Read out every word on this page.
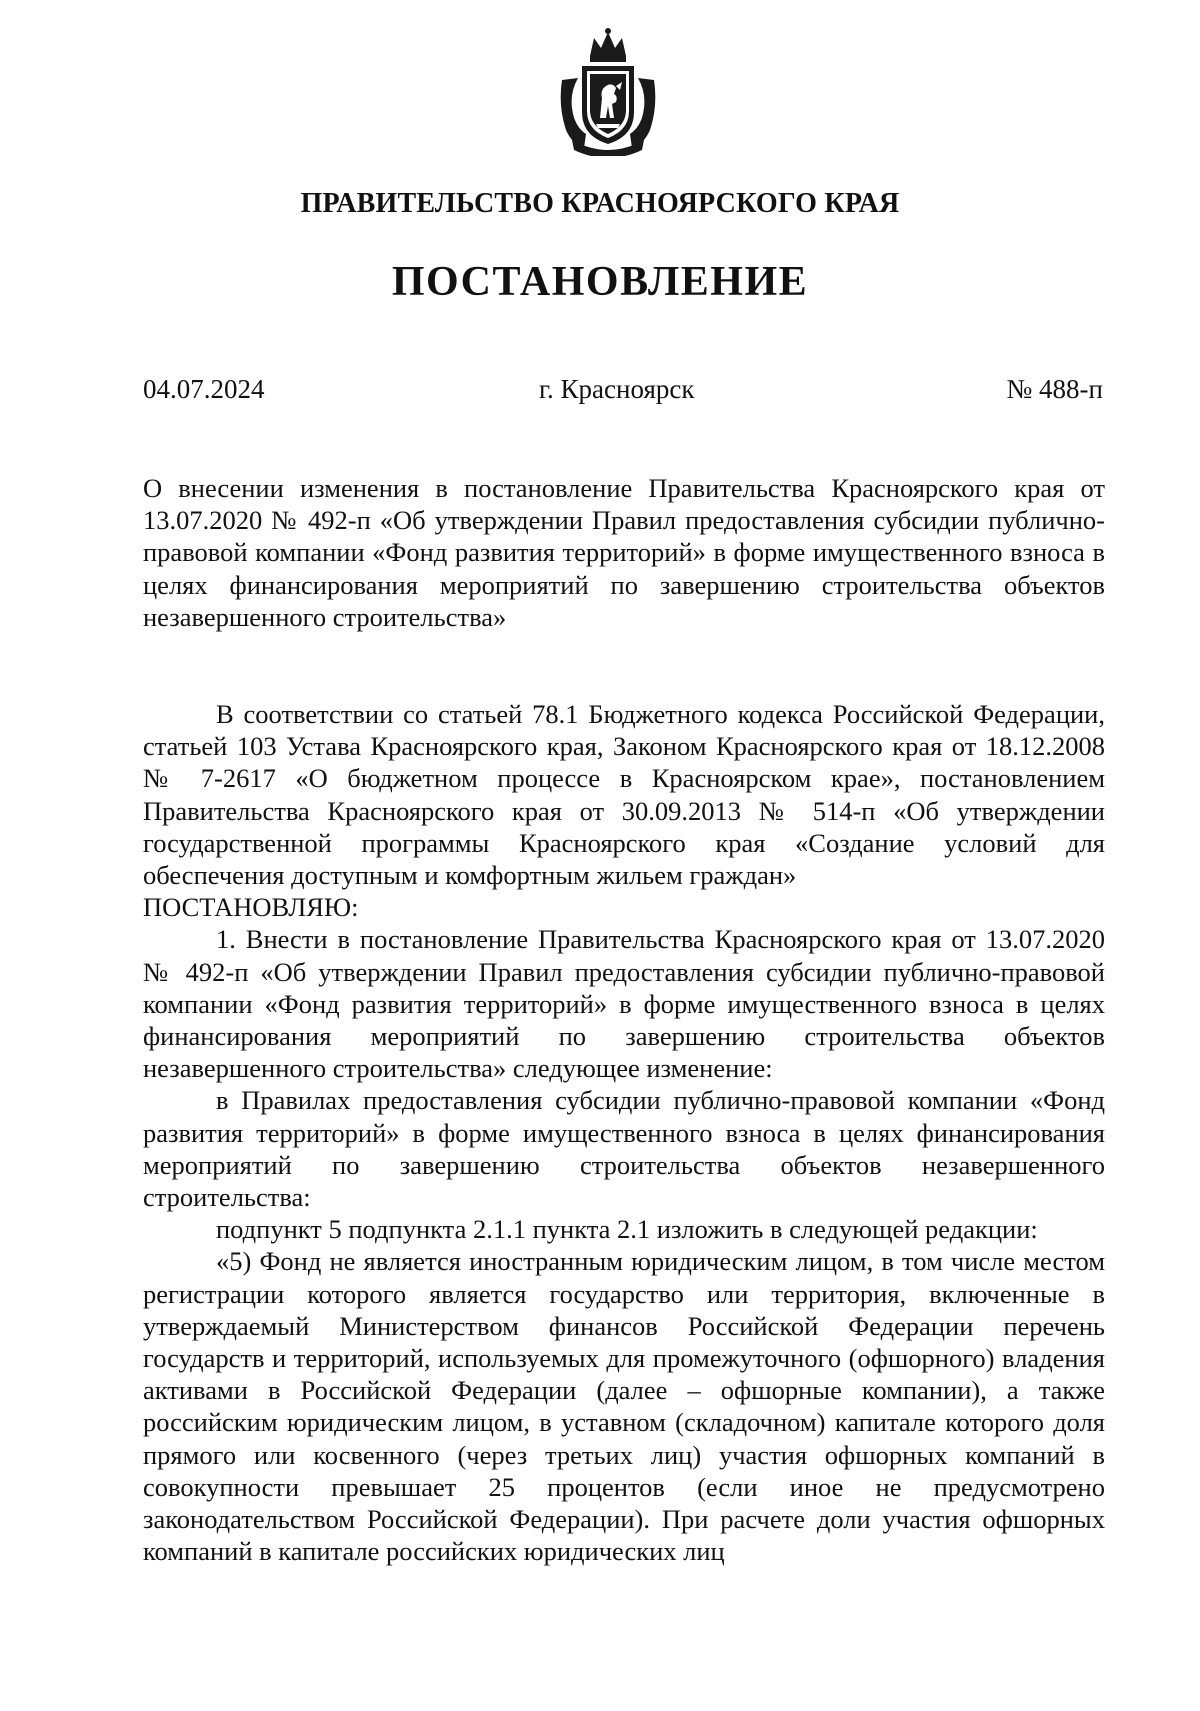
ПРАВИТЕЛЬСТВО КРАСНОЯРСКОГО КРАЯ
ПОСТАНОВЛЕНИЕ
04.07.2024	г. Красноярск	№ 488-п

О внесении изменения в постановление Правительства Красноярского края от 13.07.2020 № 492-п «Об утверждении Правил предоставления субсидии публично-правовой компании «Фонд развития территорий» в форме имущественного взноса в целях финансирования мероприятий по завершению строительства объектов незавершенного строительства»

В соответствии со статьей 78.1 Бюджетного кодекса Российской Федерации, статьей 103 Устава Красноярского края, Законом Красноярского края от 18.12.2008 № 7-2617 «О бюджетном процессе в Красноярском крае», постановлением Правительства Красноярского края от 30.09.2013 № 514-п «Об утверждении государственной программы Красноярского края «Создание условий для обеспечения доступным и комфортным жильем граждан»

ПОСТАНОВЛЯЮ:

1. Внести в постановление Правительства Красноярского края от 13.07.2020 № 492-п «Об утверждении Правил предоставления субсидии публично-правовой компании «Фонд развития территорий» в форме имущественного взноса в целях финансирования мероприятий по завершению строительства объектов незавершенного строительства» следующее изменение:

в Правилах предоставления субсидии публично-правовой компании «Фонд развития территорий» в форме имущественного взноса в целях финансирования мероприятий по завершению строительства объектов незавершенного строительства:

подпункт 5 подпункта 2.1.1 пункта 2.1 изложить в следующей редакции:

«5) Фонд не является иностранным юридическим лицом, в том числе местом регистрации которого является государство или территория, включенные в утверждаемый Министерством финансов Российской Федерации перечень государств и территорий, используемых для промежуточного (офшорного) владения активами в Российской Федерации (далее – офшорные компании), а также российским юридическим лицом, в уставном (складочном) капитале которого доля прямого или косвенного (через третьих лиц) участия офшорных компаний в совокупности превышает 25 процентов (если иное не предусмотрено законодательством Российской Федерации). При расчете доли участия офшорных компаний в капитале российских юридических лиц
